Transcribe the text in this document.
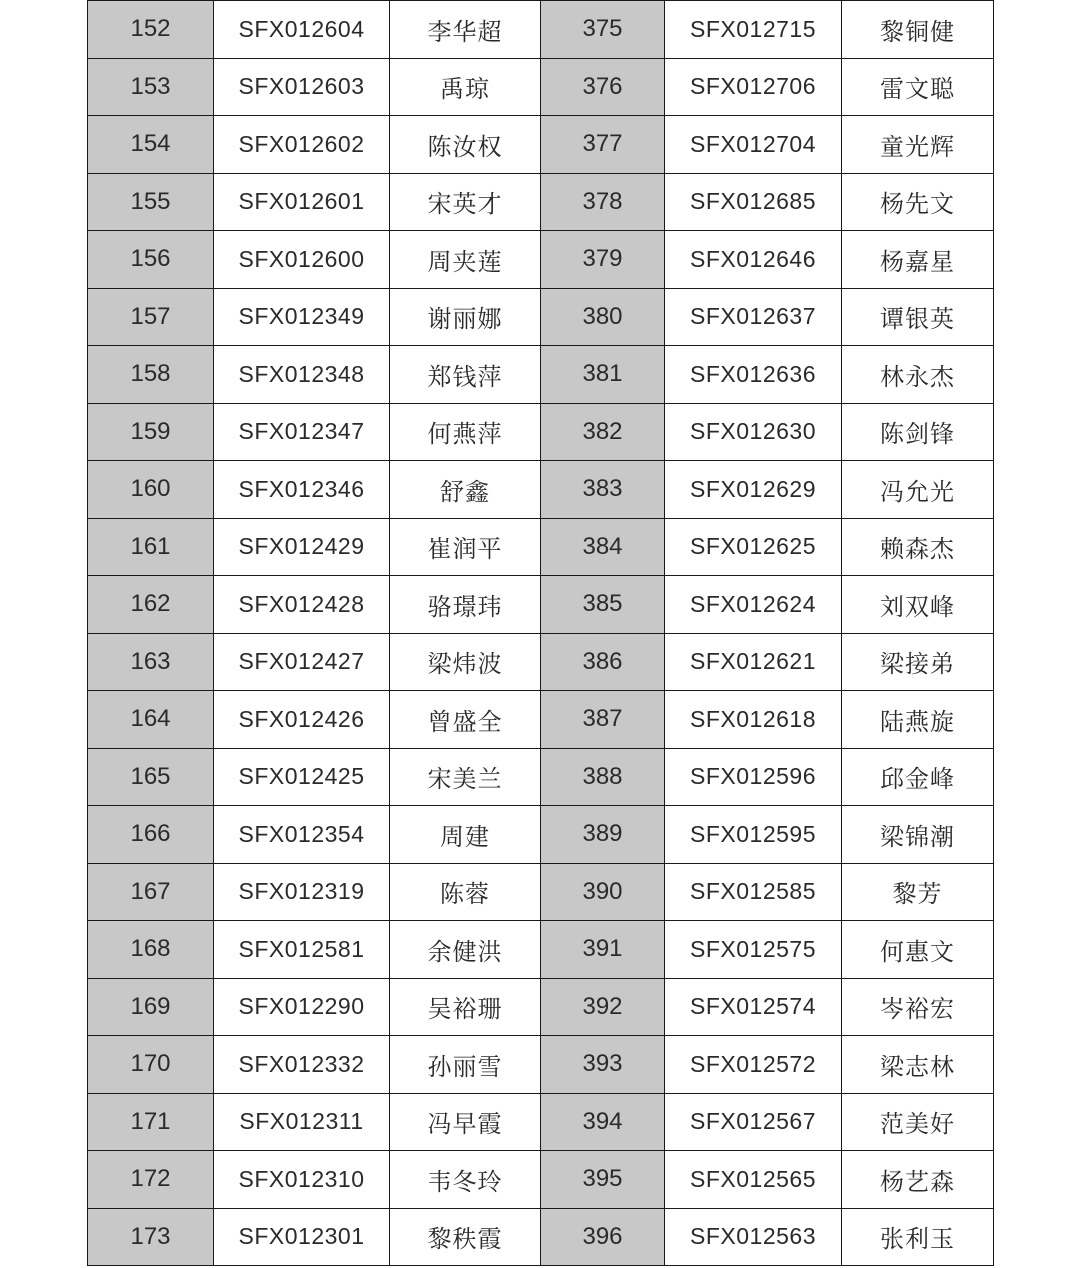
152	SFX012604	李华超	375	SFX012715	黎铜健
153	SFX012603	禹琼	376	SFX012706	雷文聪
154	SFX012602	陈汝权	377	SFX012704	童光辉
155	SFX012601	宋英才	378	SFX012685	杨先文
156	SFX012600	周夹莲	379	SFX012646	杨嘉星
157	SFX012349	谢丽娜	380	SFX012637	谭银英
158	SFX012348	郑钱萍	381	SFX012636	林永杰
159	SFX012347	何燕萍	382	SFX012630	陈剑锋
160	SFX012346	舒鑫	383	SFX012629	冯允光
161	SFX012429	崔润平	384	SFX012625	赖森杰
162	SFX012428	骆璟玮	385	SFX012624	刘双峰
163	SFX012427	梁炜波	386	SFX012621	梁接弟
164	SFX012426	曾盛全	387	SFX012618	陆燕旋
165	SFX012425	宋美兰	388	SFX012596	邱金峰
166	SFX012354	周建	389	SFX012595	梁锦潮
167	SFX012319	陈蓉	390	SFX012585	黎芳
168	SFX012581	余健洪	391	SFX012575	何惠文
169	SFX012290	吴裕珊	392	SFX012574	岑裕宏
170	SFX012332	孙丽雪	393	SFX012572	梁志林
171	SFX012311	冯早霞	394	SFX012567	范美好
172	SFX012310	韦冬玲	395	SFX012565	杨艺森
173	SFX012301	黎秩霞	396	SFX012563	张利玉
